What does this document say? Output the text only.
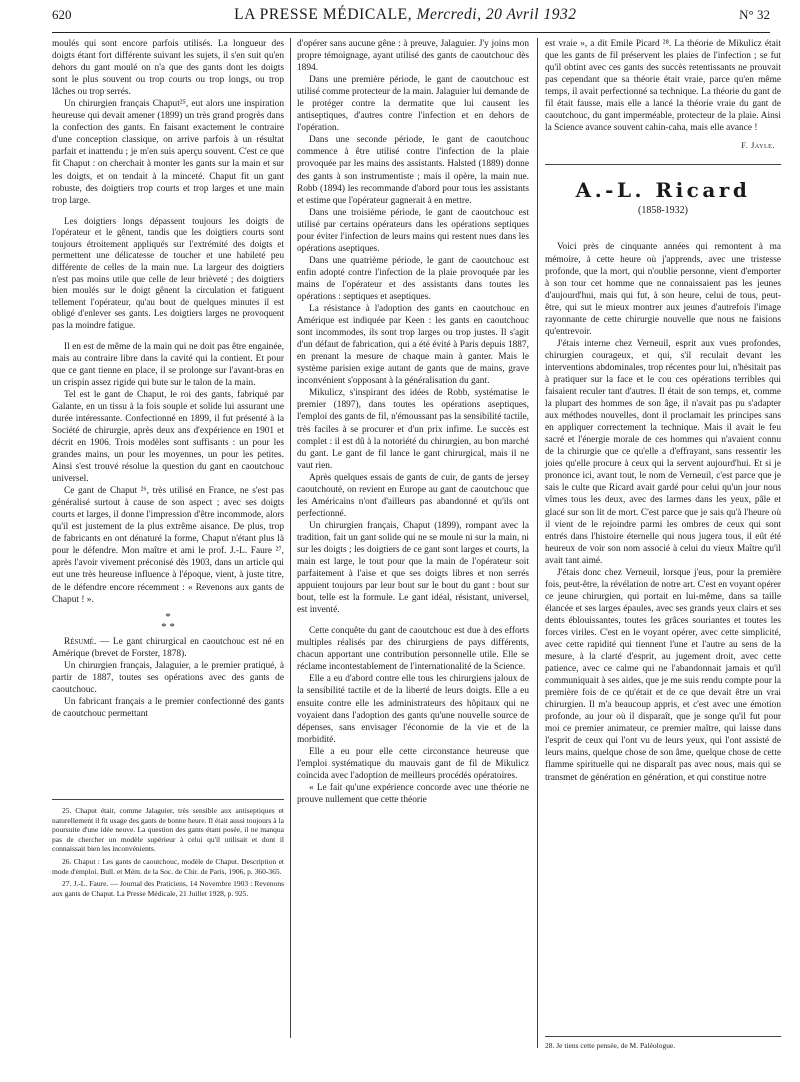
620	LA PRESSE MÉDICALE, Mercredi, 20 Avril 1932	N° 32

moulés qui sont encore parfois utilisés. La longueur des doigts étant fort différente suivant les sujets, il s'en suit qu'en dehors du gant moulé on n'a que des gants dont les doigts sont le plus souvent ou trop courts ou trop longs, ou trop lâches ou trop serrés.

Un chirurgien français Chaput²⁵, eut alors une inspiration heureuse qui devait amener (1899) un très grand progrès dans la confection des gants. En faisant exactement le contraire d'une conception classique, on arrive parfois à un résultat parfait et inattendu ; je m'en suis aperçu souvent. C'est ce que fit Chaput : on cherchait à monter les gants sur la main et sur les doigts, et on tendait à la minceté. Chaput fit un gant robuste, des doigtiers trop courts et trop larges et une main trop large.

Les doigtiers longs dépassent toujours les doigts de l'opérateur et le gênent, tandis que les doigtiers courts sont toujours étroitement appliqués sur l'extrémité des doigts et permettent une délicatesse de toucher et une habileté peu différente de celles de la main nue. La largeur des doigtiers n'est pas moins utile que celle de leur brièveté ; des doigtiers bien moulés sur le doigt gênent la circulation et fatiguent tellement l'opérateur, qu'au bout de quelques minutes il est obligé d'enlever ses gants. Les doigtiers larges ne provoquent pas la moindre fatigue.

Il en est de même de la main qui ne doit pas être engainée, mais au contraire libre dans la cavité qui la contient. Et pour que ce gant tienne en place, il se prolonge sur l'avant-bras en un crispin assez rigide qui bute sur le talon de la main.

Tel est le gant de Chaput, le roi des gants, fabriqué par Galante, en un tissu à la fois souple et solide lui assurant une durée intéressante. Confectionné en 1899, il fut présenté à la Société de chirurgie, après deux ans d'expérience en 1901 et décrit en 1906. Trois modèles sont suffisants : un pour les grandes mains, un pour les moyennes, un pour les petites. Ainsi s'est trouvé résolue la question du gant en caoutchouc universel.

Ce gant de Chaput ²⁶, très utilisé en France, ne s'est pas généralisé surtout à cause de son aspect ; avec ses doigts courts et larges, il donne l'impression d'être incommode, alors qu'il est justement de la plus extrême aisance. De plus, trop de fabricants en ont dénaturé la forme, Chaput n'étant plus là pour le défendre. Mon maître et ami le prof. J.-L. Faure ²⁷, après l'avoir vivement préconisé dès 1903, dans un article qui eut une très heureuse influence à l'époque, vient, à juste titre, de le défendre encore récemment : « Revenons aux gants de Chaput ! ».

*
* *

Résumé. — Le gant chirurgical en caoutchouc est né en Amérique (brevet de Forster, 1878).

Un chirurgien français, Jalaguier, a le premier pratiqué, à partir de 1887, toutes ses opérations avec des gants de caoutchouc.

Un fabricant français a le premier confectionné des gants de caoutchouc permettant

25. Chaput était, comme Jalaguier, très sensible aux antiseptiques et naturellement il fit usage des gants de bonne heure. Il était aussi toujours à la poursuite d'une idée neuve. La question des gants étant posée, il ne manqua pas de chercher un modèle supérieur à celui qu'il utilisait et dont il connaissait bien les inconvénients.

26. Chaput : Les gants de caoutchouc, modèle de Chaput. Description et mode d'emploi. Bull. et Mém. de la Soc. de Chir. de Paris, 1906, p. 360-365.

27. J.-L. Faure. — Journal des Praticiens, 14 Novembre 1903 : Revenons aux gants de Chaput. La Presse Médicale, 21 Juillet 1928, p. 925.

d'opérer sans aucune gêne : à preuve, Jalaguier. J'y joins mon propre témoignage, ayant utilisé des gants de caoutchouc dès 1894.

Dans une première période, le gant de caoutchouc est utilisé comme protecteur de la main. Jalaguier lui demande de le protéger contre la dermatite que lui causent les antiseptiques, d'autres contre l'infection et en dehors de l'opération.

Dans une seconde période, le gant de caoutchouc commence à être utilisé contre l'infection de la plaie provoquée par les mains des assistants. Halsted (1889) donne des gants à son instrumentiste ; mais il opère, la main nue. Robb (1894) les recommande d'abord pour tous les assistants et estime que l'opérateur gagnerait à en mettre.

Dans une troisième période, le gant de caoutchouc est utilisé par certains opérateurs dans les opérations septiques pour éviter l'infection de leurs mains qui restent nues dans les opérations aseptiques.

Dans une quatrième période, le gant de caoutchouc est enfin adopté contre l'infection de la plaie provoquée par les mains de l'opérateur et des assistants dans toutes les opérations : septiques et aseptiques.

La résistance à l'adoption des gants en caoutchouc en Amérique est indiquée par Keen : les gants en caoutchouc sont incommodes, ils sont trop larges ou trop justes. Il s'agit d'un défaut de fabrication, qui a été évité à Paris depuis 1887, en prenant la mesure de chaque main à ganter. Mais le système parisien exige autant de gants que de mains, grave inconvénient s'opposant à la généralisation du gant.

Mikulicz, s'inspirant des idées de Robb, systématise le premier (1897), dans toutes les opérations aseptiques, l'emploi des gants de fil, n'émoussant pas la sensibilité tactile, très faciles à se procurer et d'un prix infime. Le succès est complet : il est dû à la notoriété du chirurgien, au bon marché du gant. Le gant de fil lance le gant chirurgical, mais il ne vaut rien.

Après quelques essais de gants de cuir, de gants de jersey caoutchouté, on revient en Europe au gant de caoutchouc que les Américains n'ont d'ailleurs pas abandonné et qu'ils ont perfectionné.

Un chirurgien français, Chaput (1899), rompant avec la tradition, fait un gant solide qui ne se moule ni sur la main, ni sur les doigts ; les doigtiers de ce gant sont larges et courts, la main est large, le tout pour que la main de l'opérateur soit parfaitement à l'aise et que ses doigts libres et non serrés appuient toujours par leur bout sur le bout du gant : bout sur bout, telle est la formule. Le gant idéal, résistant, universel, est inventé.

Cette conquête du gant de caoutchouc est due à des efforts multiples réalisés par des chirurgiens de pays différents, chacun apportant une contribution personnelle utile. Elle se réclame incontestablement de l'internationalité de la Science.

Elle a eu d'abord contre elle tous les chirurgiens jaloux de la sensibilité tactile et de la liberté de leurs doigts. Elle a eu ensuite contre elle les administrateurs des hôpitaux qui ne voyaient dans l'adoption des gants qu'une nouvelle source de dépenses, sans envisager l'économie de la vie et de la morbidité.

Elle a eu pour elle cette circonstance heureuse que l'emploi systématique du mauvais gant de fil de Mikulicz coïncida avec l'adoption de meilleurs procédés opératoires.

« Le fait qu'une expérience concorde avec une théorie ne prouve nullement que cette théorie

est vraie », a dit Emile Picard ²⁸. La théorie de Mikulicz était que les gants de fil préservent les plaies de l'infection ; se fut qu'il obtint avec ces gants des succès retentissants ne prouvait pas cependant que sa théorie était vraie, parce qu'en même temps, il avait perfectionné sa technique. La théorie du gant de fil était fausse, mais elle a lancé la théorie vraie du gant de caoutchouc, du gant imperméable, protecteur de la plaie. Ainsi la Science avance souvent cahin-caha, mais elle avance !

F. Jayle.
A.-L. Ricard
(1858-1932)

Voici près de cinquante années qui remontent à ma mémoire, à cette heure où j'apprends, avec une tristesse profonde, que la mort, qui n'oublie personne, vient d'emporter à son tour cet homme que ne connaissaient pas les jeunes d'aujourd'hui, mais qui fut, à son heure, celui de tous, peut-être, qui sut le mieux montrer aux jeunes d'autrefois l'image rayonnante de cette chirurgie nouvelle que nous ne faisions qu'entrevoir.

J'étais interne chez Verneuil, esprit aux vues profondes, chirurgien courageux, et qui, s'il reculait devant les interventions abdominales, trop récentes pour lui, n'hésitait pas à pratiquer sur la face et le cou ces opérations terribles qui faisaient reculer tant d'autres. Il était de son temps, et, comme la plupart des hommes de son âge, il n'avait pas pu s'adapter aux méthodes nouvelles, dont il proclamait les principes sans en appliquer correctement la technique. Mais il avait le feu sacré et l'énergie morale de ces hommes qui n'avaient connu de la chirurgie que ce qu'elle a d'effrayant, sans ressentir les joies qu'elle procure à ceux qui la servent aujourd'hui. Et si je prononce ici, avant tout, le nom de Verneuil, c'est parce que je sais le culte que Ricard avait gardé pour celui qu'un jour nous vîmes tous les deux, avec des larmes dans les yeux, pâle et glacé sur son lit de mort. C'est parce que je sais qu'à l'heure où il vient de le rejoindre parmi les ombres de ceux qui sont entrés dans l'histoire éternelle qui nous jugera tous, il eût été heureux de voir son nom associé à celui du vieux Maître qu'il avait tant aimé.

J'étais donc chez Verneuil, lorsque j'eus, pour la première fois, peut-être, la révélation de notre art. C'est en voyant opérer ce jeune chirurgien, qui portait en lui-même, dans sa taille élancée et ses larges épaules, avec ses grands yeux clairs et ses dents éblouissantes, toutes les grâces souriantes et toutes les forces viriles. C'est en le voyant opérer, avec cette simplicité, avec cette rapidité qui tiennent l'une et l'autre au sens de la mesure, à la clarté d'esprit, au jugement droit, avec cette patience, avec ce calme qui ne l'abandonnait jamais et qu'il communiquait à ses aides, que je me suis rendu compte pour la première fois de ce qu'était et de ce que devait être un vrai chirurgien. Il m'a beaucoup appris, et c'est avec une émotion profonde, au jour où il disparaît, que je songe qu'il fut pour moi ce premier animateur, ce premier maître, qui laisse dans l'esprit de ceux qui l'ont vu de leurs yeux, qui l'ont assisté de leurs mains, quelque chose de son âme, quelque chose de cette flamme spirituelle qui ne disparaît pas avec nous, mais qui se transmet de génération en génération, et qui constitue notre

28. Je tiens cette pensée, de M. Paléologue.
